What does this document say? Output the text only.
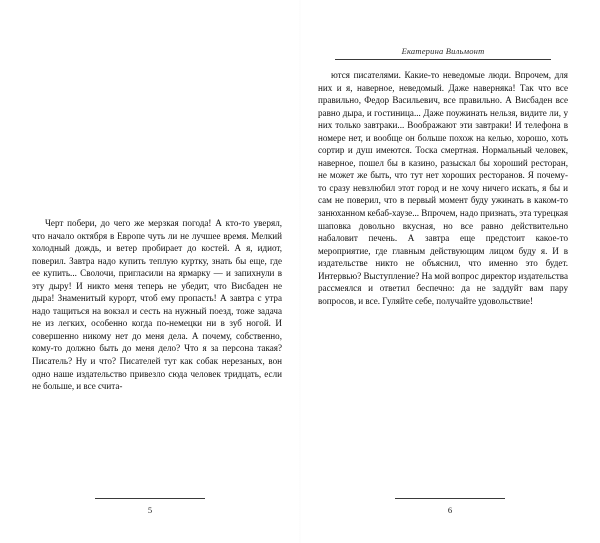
Черт побери, до чего же мерзкая погода! А кто-то уверял, что начало октября в Европе чуть ли не лучшее время. Мелкий холодный дождь, и ветер пробирает до костей. А я, идиот, поверил. Завтра надо купить теплую куртку, знать бы еще, где ее купить... Сволочи, пригласили на ярмарку — и запихнули в эту дыру! И никто меня теперь не убедит, что Висбаден не дыра! Знаменитый курорт, чтоб ему пропасть! А завтра с утра надо тащиться на вокзал и сесть на нужный поезд, тоже задача не из легких, особенно когда по-немецки ни в зуб ногой. И совершенно никому нет до меня дела. А почему, собственно, кому-то должно быть до меня дело? Что я за персона такая? Писатель? Ну и что? Писателей тут как собак нерезаных, вон одно наше издательство привезло сюда человек тридцать, если не больше, и все счита-

5
Екатерина Вильмонт

ются писателями. Какие-то неведомые люди. Впрочем, для них и я, наверное, неведомый. Даже наверняка! Так что все правильно, Федор Васильевич, все правильно. А Висбаден все равно дыра, и гостиница... Даже поужинать нельзя, видите ли, у них только завтраки... Воображают эти завтраки! И телефона в номере нет, и вообще он больше похож на келью, хорошо, хоть сортир и душ имеются. Тоска смертная. Нормальный человек, наверное, пошел бы в казино, разыскал бы хороший ресторан, не может же быть, что тут нет хороших ресторанов. Я почему-то сразу невзлюбил этот город и не хочу ничего искать, я бы и сам не поверил, что в первый момент буду ужинать в каком-то занюханном кебаб-хаузе... Впрочем, надо признать, эта турецкая шаповка довольно вкусная, но все равно действительно набаловит печень. А завтра еще предстоит какое-то мероприятие, где главным действующим лицом буду я. И в издательстве никто не объяснил, что именно это будет. Интервью? Выступление? На мой вопрос директор издательства рассмеялся и ответил беспечно: да не заддуйт вам пару вопросов, и все. Гуляйте себе, получайте удовольствие!

6
